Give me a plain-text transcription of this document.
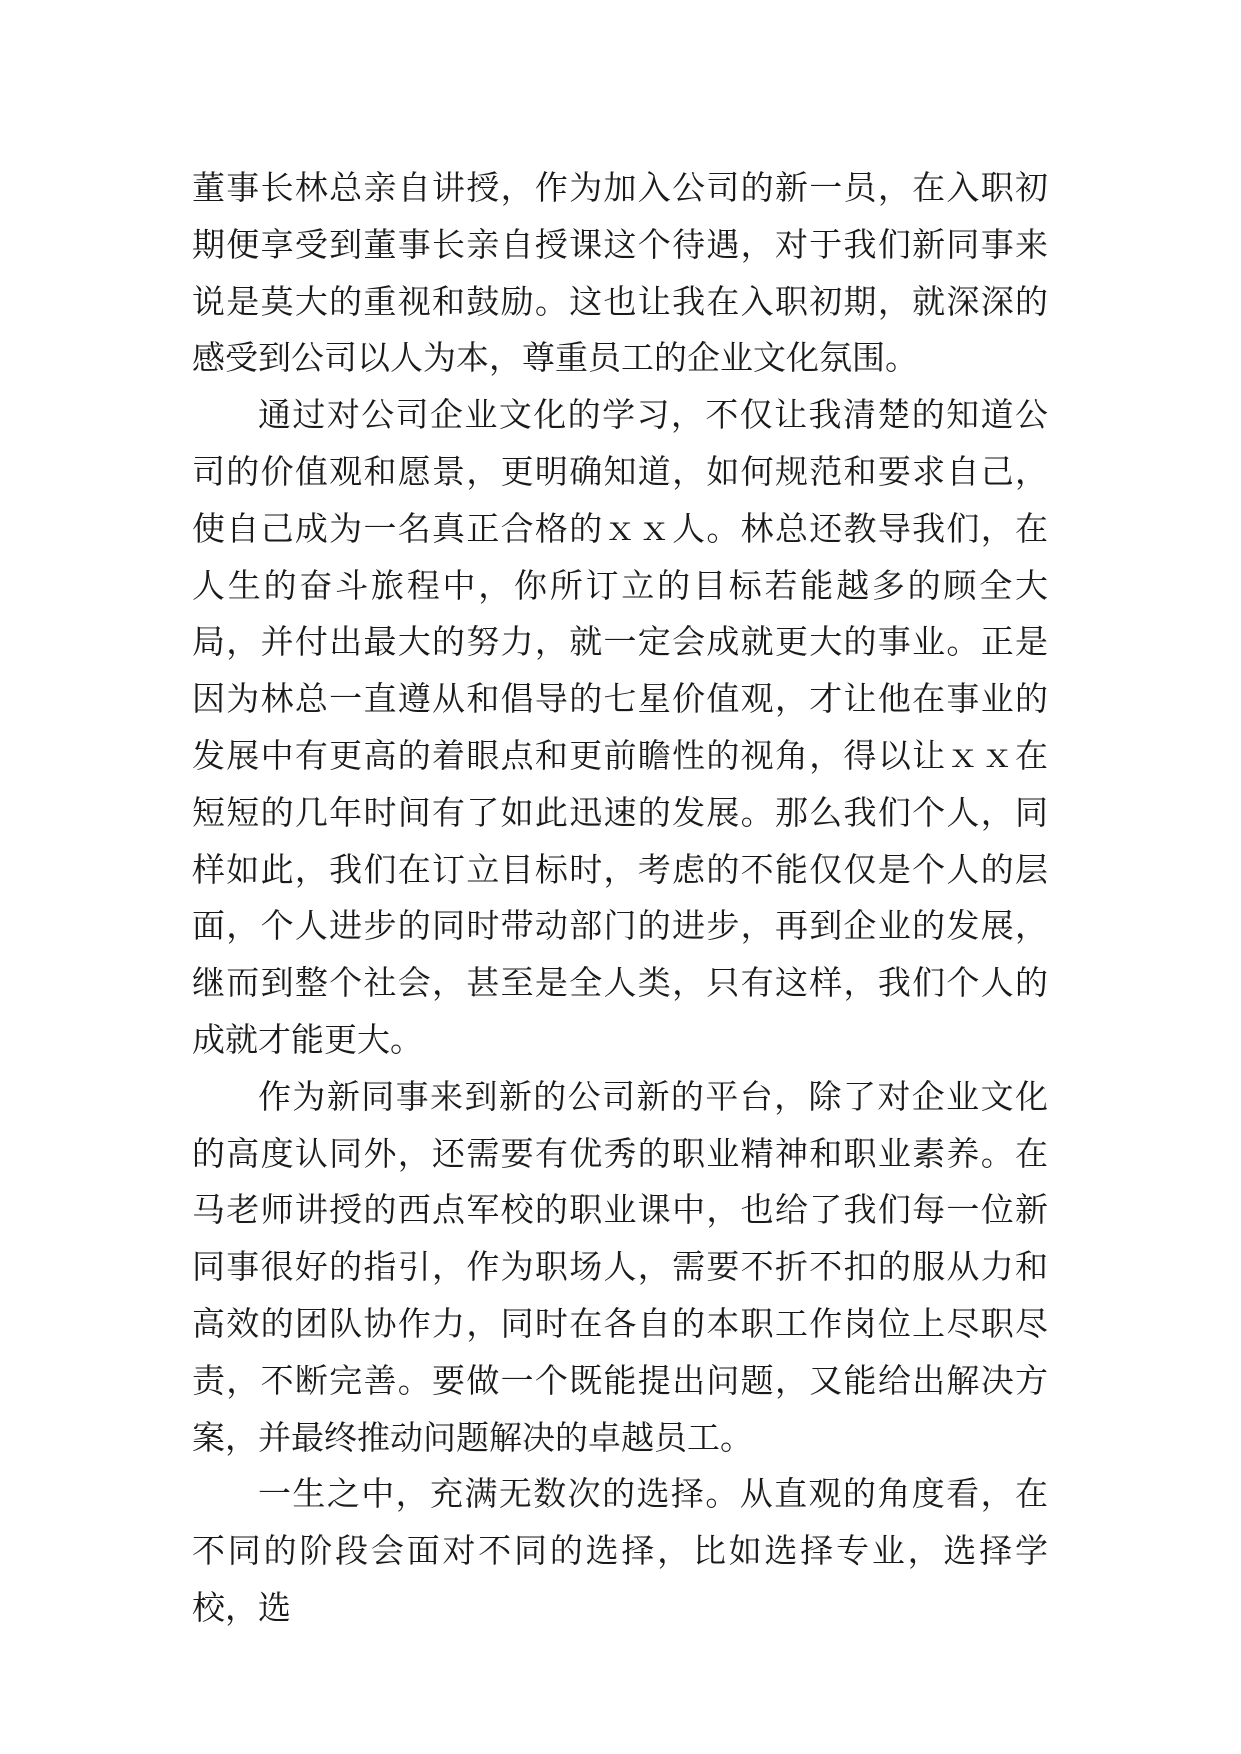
董事长林总亲自讲授，作为加入公司的新一员，在入职初期便享受到董事长亲自授课这个待遇，对于我们新同事来说是莫大的重视和鼓励。这也让我在入职初期，就深深的感受到公司以人为本，尊重员工的企业文化氛围。

通过对公司企业文化的学习，不仅让我清楚的知道公司的价值观和愿景，更明确知道，如何规范和要求自己，使自己成为一名真正合格的ｘｘ人。林总还教导我们，在人生的奋斗旅程中，你所订立的目标若能越多的顾全大局，并付出最大的努力，就一定会成就更大的事业。正是因为林总一直遵从和倡导的七星价值观，才让他在事业的发展中有更高的着眼点和更前瞻性的视角，得以让ｘｘ在短短的几年时间有了如此迅速的发展。那么我们个人，同样如此，我们在订立目标时，考虑的不能仅仅是个人的层面，个人进步的同时带动部门的进步，再到企业的发展，继而到整个社会，甚至是全人类，只有这样，我们个人的成就才能更大。

作为新同事来到新的公司新的平台，除了对企业文化的高度认同外，还需要有优秀的职业精神和职业素养。在马老师讲授的西点军校的职业课中，也给了我们每一位新同事很好的指引，作为职场人，需要不折不扣的服从力和高效的团队协作力，同时在各自的本职工作岗位上尽职尽责，不断完善。要做一个既能提出问题，又能给出解决方案，并最终推动问题解决的卓越员工。

一生之中，充满无数次的选择。从直观的角度看，在不同的阶段会面对不同的选择，比如选择专业，选择学校，选
